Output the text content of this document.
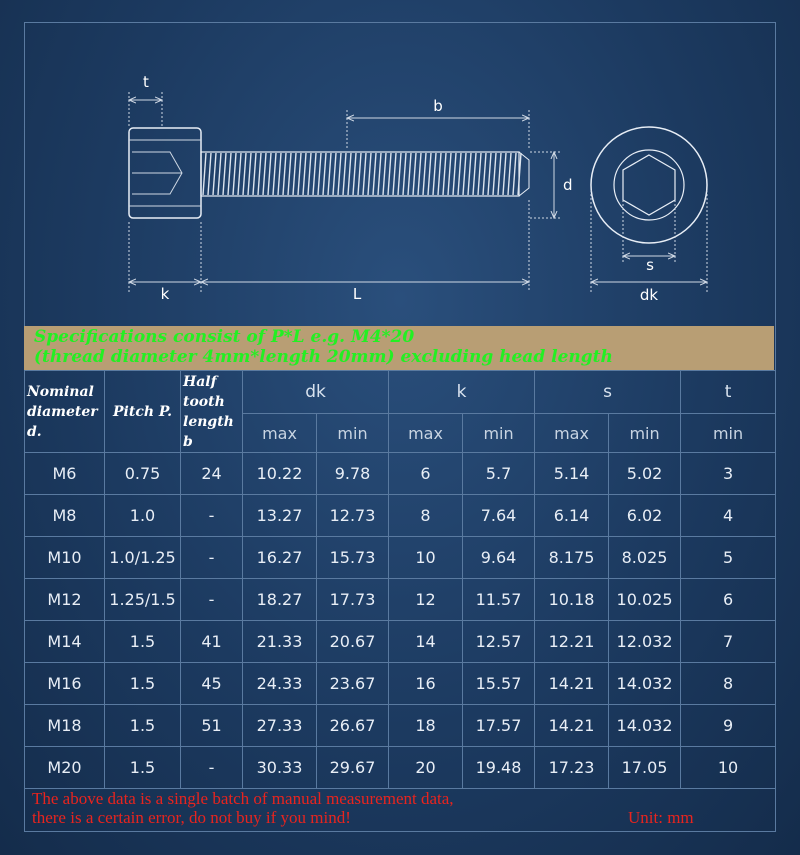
t
b
d
k	L
s
dk
Specifications consist of P*L e.g. M4*20
(thread diameter 4mm*length 20mm) excluding head length
Nominal
diameter
d.	Pitch P.	Half
tooth
length
b	dk		k		s		t
			max	min	max	min	max	min	min
M6	0.75	24	10.22	9.78	6	5.7	5.14	5.02	3
M8	1.0	-	13.27	12.73	8	7.64	6.14	6.02	4
M10	1.0/1.25	-	16.27	15.73	10	9.64	8.175	8.025	5
M12	1.25/1.5	-	18.27	17.73	12	11.57	10.18	10.025	6
M14	1.5	41	21.33	20.67	14	12.57	12.21	12.032	7
M16	1.5	45	24.33	23.67	16	15.57	14.21	14.032	8
M18	1.5	51	27.33	26.67	18	17.57	14.21	14.032	9
M20	1.5	-	30.33	29.67	20	19.48	17.23	17.05	10
The above data is a single batch of manual measurement data,
there is a certain error, do not buy if you mind!	Unit: mm
